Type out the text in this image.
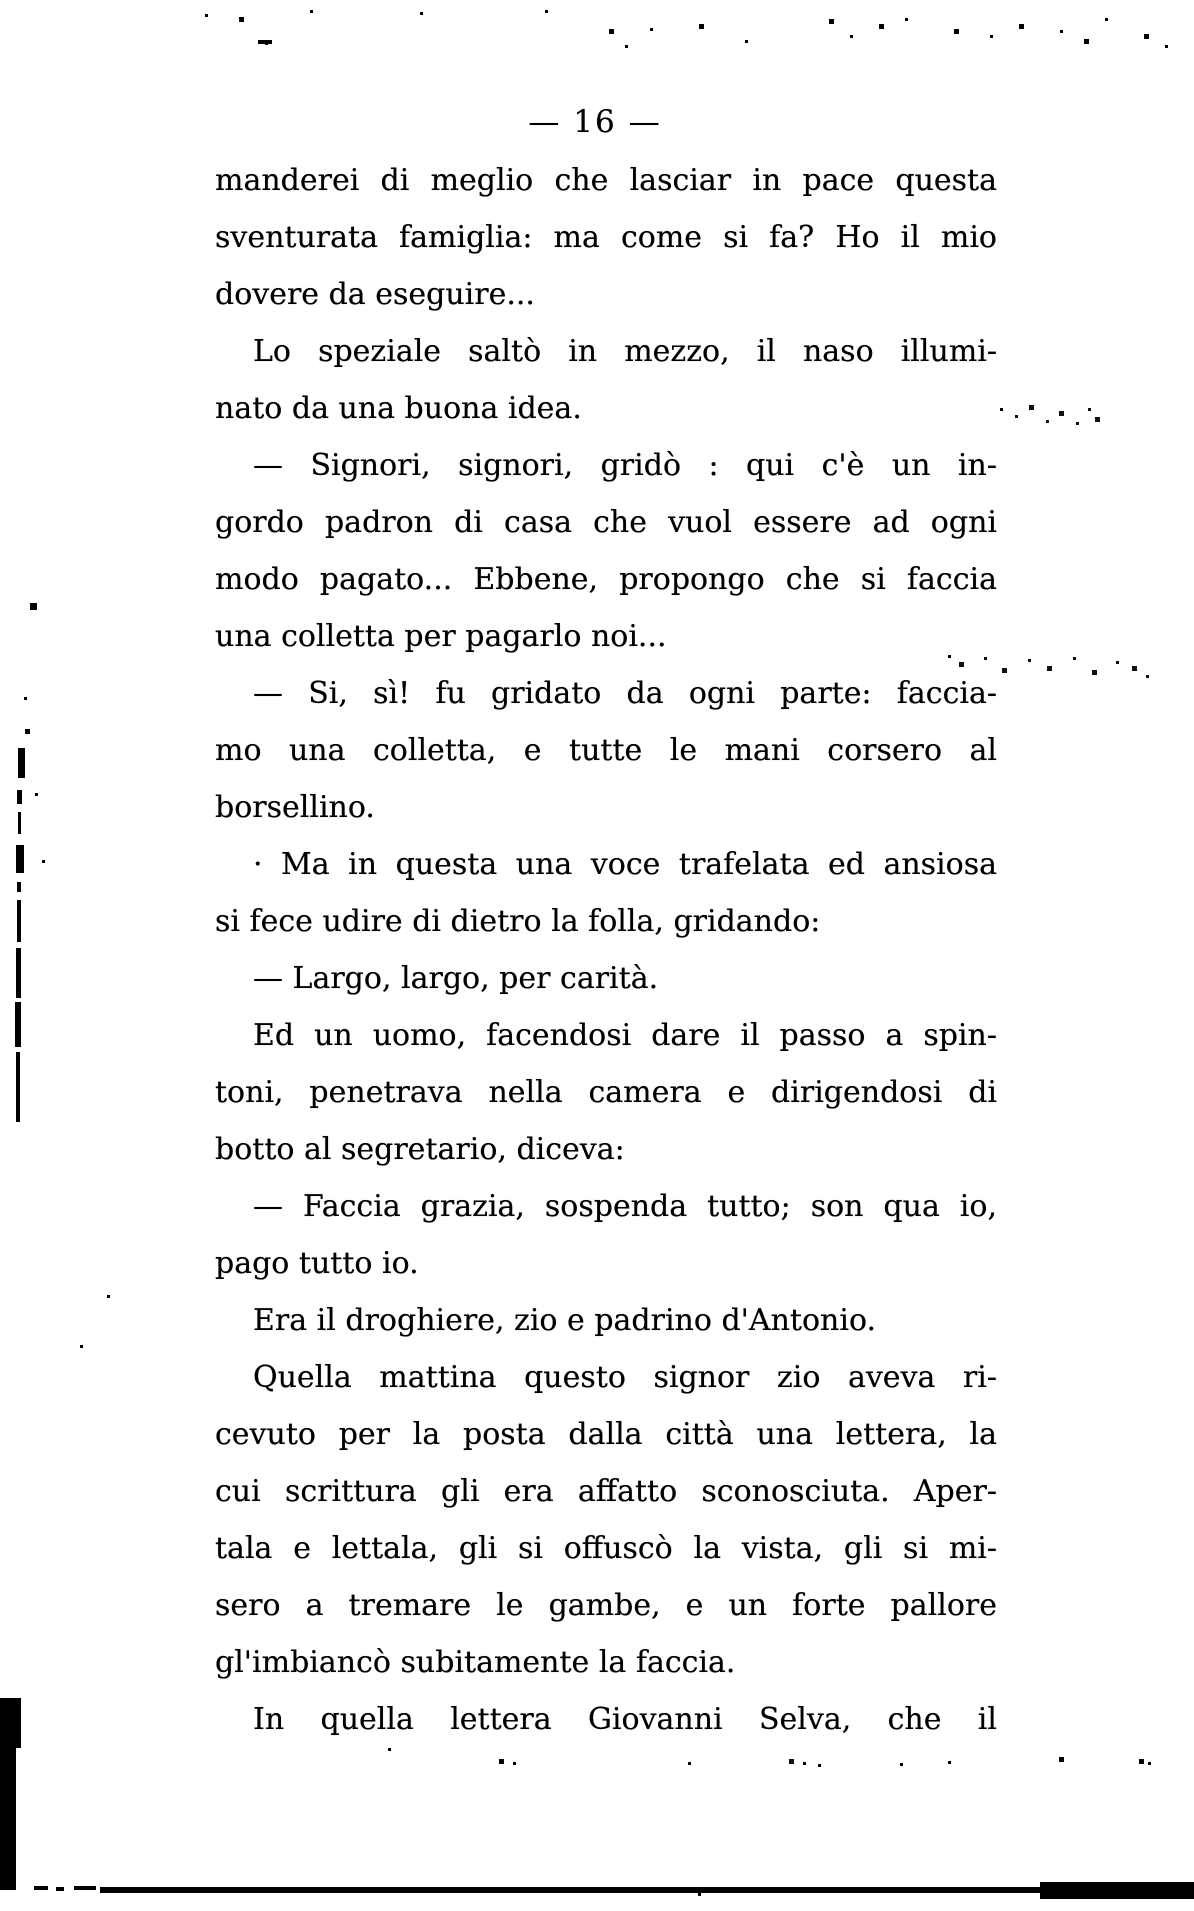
— 16 —
manderei di meglio che lasciar in pace questa
sventurata famiglia: ma come si fa? Ho il mio
dovere da eseguire...
Lo speziale saltò in mezzo, il naso illumi-
nato da una buona idea.
— Signori, signori, gridò : qui c'è un in-
gordo padron di casa che vuol essere ad ogni
modo pagato... Ebbene, propongo che si faccia
una colletta per pagarlo noi...
— Si, sì! fu gridato da ogni parte: faccia-
mo una colletta, e tutte le mani corsero al
borsellino.
· Ma in questa una voce trafelata ed ansiosa
si fece udire di dietro la folla, gridando:
— Largo, largo, per carità.
Ed un uomo, facendosi dare il passo a spin-
toni, penetrava nella camera e dirigendosi di
botto al segretario, diceva:
— Faccia grazia, sospenda tutto; son qua io,
pago tutto io.
Era il droghiere, zio e padrino d'Antonio.
Quella mattina questo signor zio aveva ri-
cevuto per la posta dalla città una lettera, la
cui scrittura gli era affatto sconosciuta. Aper-
tala e lettala, gli si offuscò la vista, gli si mi-
sero a tremare le gambe, e un forte pallore
gl'imbiancò subitamente la faccia.
In quella lettera Giovanni Selva, che il
